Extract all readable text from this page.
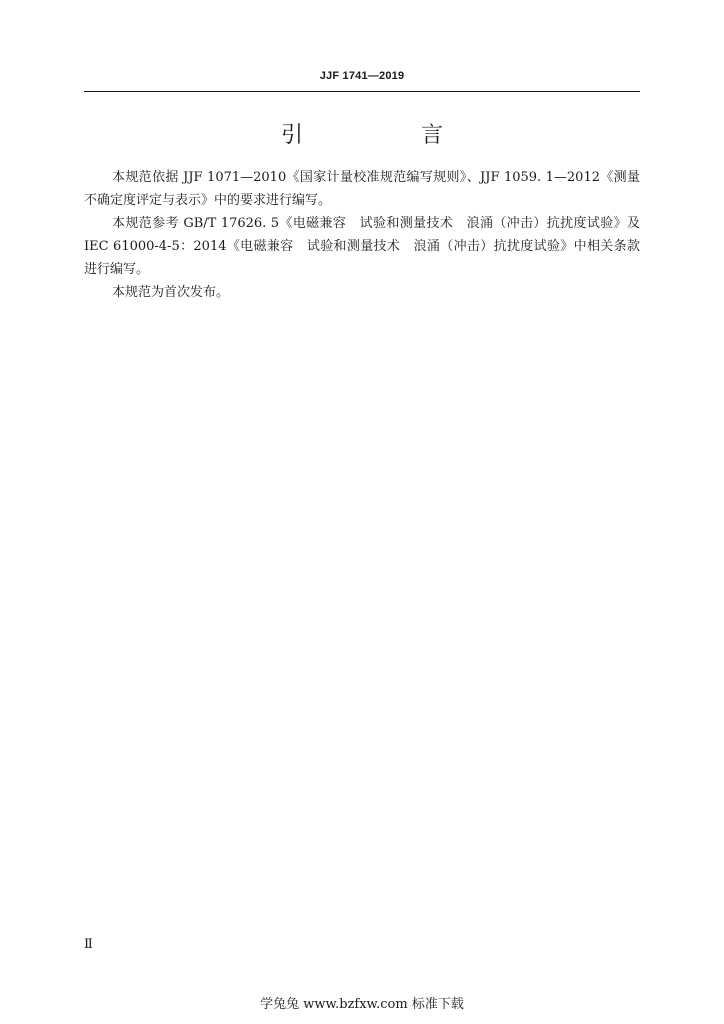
JJF 1741—2019
引　言

本规范依据 JJF 1071—2010《国家计量校准规范编写规则》、JJF 1059. 1—2012《测量不确定度评定与表示》中的要求进行编写。

本规范参考 GB/T 17626. 5《电磁兼容　试验和测量技术　浪涌（冲击）抗扰度试验》及 IEC 61000-4-5：2014《电磁兼容　试验和测量技术　浪涌（冲击）抗扰度试验》中相关条款进行编写。

本规范为首次发布。

Ⅱ
学兔兔 www.bzfxw.com 标准下载
